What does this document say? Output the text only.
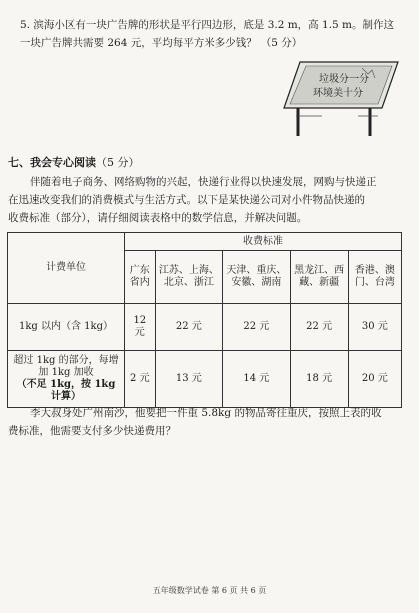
5. 滨海小区有一块广告牌的形状是平行四边形，底是 3.2 m，高 1.5 m。制作这
一块广告牌共需要 264 元，平均每平方米多少钱？ （5 分）
垃圾分一分
环境美十分
七、我会专心阅读（5 分）
伴随着电子商务、网络购物的兴起，快递行业得以快速发展，网购与快递正
在迅速改变我们的消费模式与生活方式。以下是某快递公司对小件物品快递的
收费标准（部分），请仔细阅读表格中的数学信息，并解决问题。
计费单位	收费标准				
	广东省内	江苏、上海、北京、浙江	天津、重庆、安徽、湖南	黑龙江、西藏、新疆	香港、澳门、台湾
1kg 以内（含 1kg）	12 元	22 元	22 元	22 元	30 元
超过 1kg 的部分，每增加 1kg 加收
（不足 1kg，按 1kg 计算）	2 元	13 元	14 元	18 元	20 元
李大叔身处广州南沙，他要把一件重 5.8kg 的物品寄往重庆，按照上表的收
费标准，他需要支付多少快递费用？
五年级数学试卷 第 6 页 共 6 页
